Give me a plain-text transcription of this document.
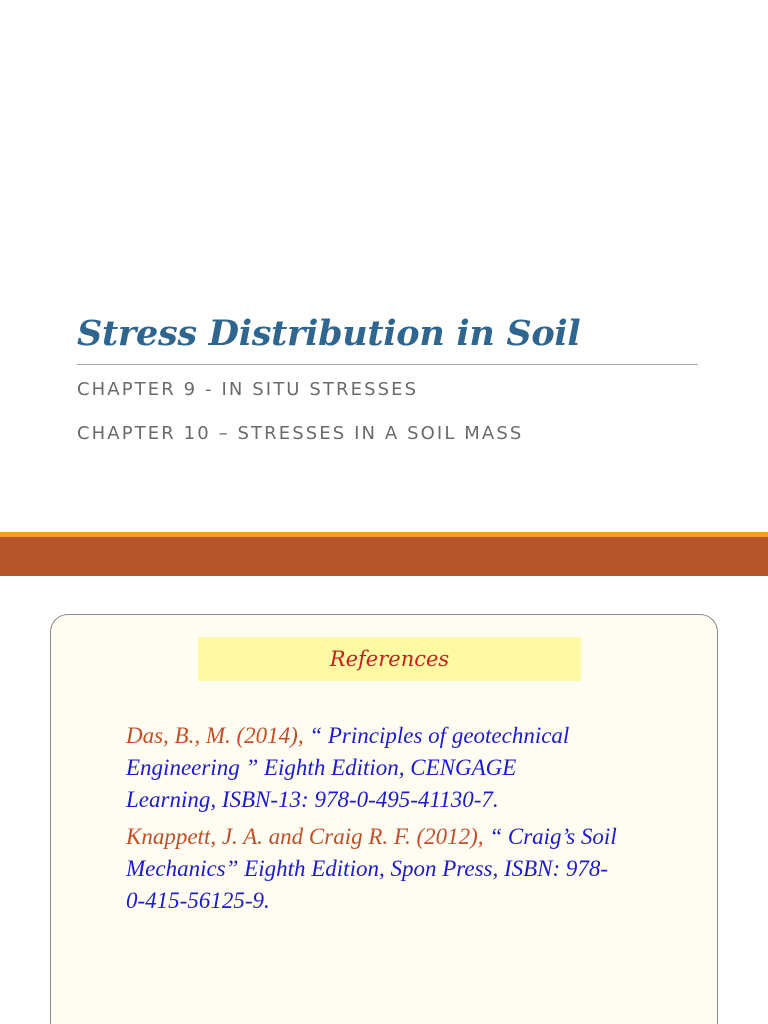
Stress Distribution in Soil

CHAPTER 9 - IN SITU STRESSES

CHAPTER 10 – STRESSES IN A SOIL MASS

References

Das, B., M. (2014), “ Principles of geotechnical
Engineering ” Eighth Edition, CENGAGE
Learning, ISBN-13: 978-0-495-41130-7.

Knappett, J. A. and Craig R. F. (2012), “ Craig’s Soil
Mechanics” Eighth Edition, Spon Press, ISBN: 978-
0-415-56125-9.
